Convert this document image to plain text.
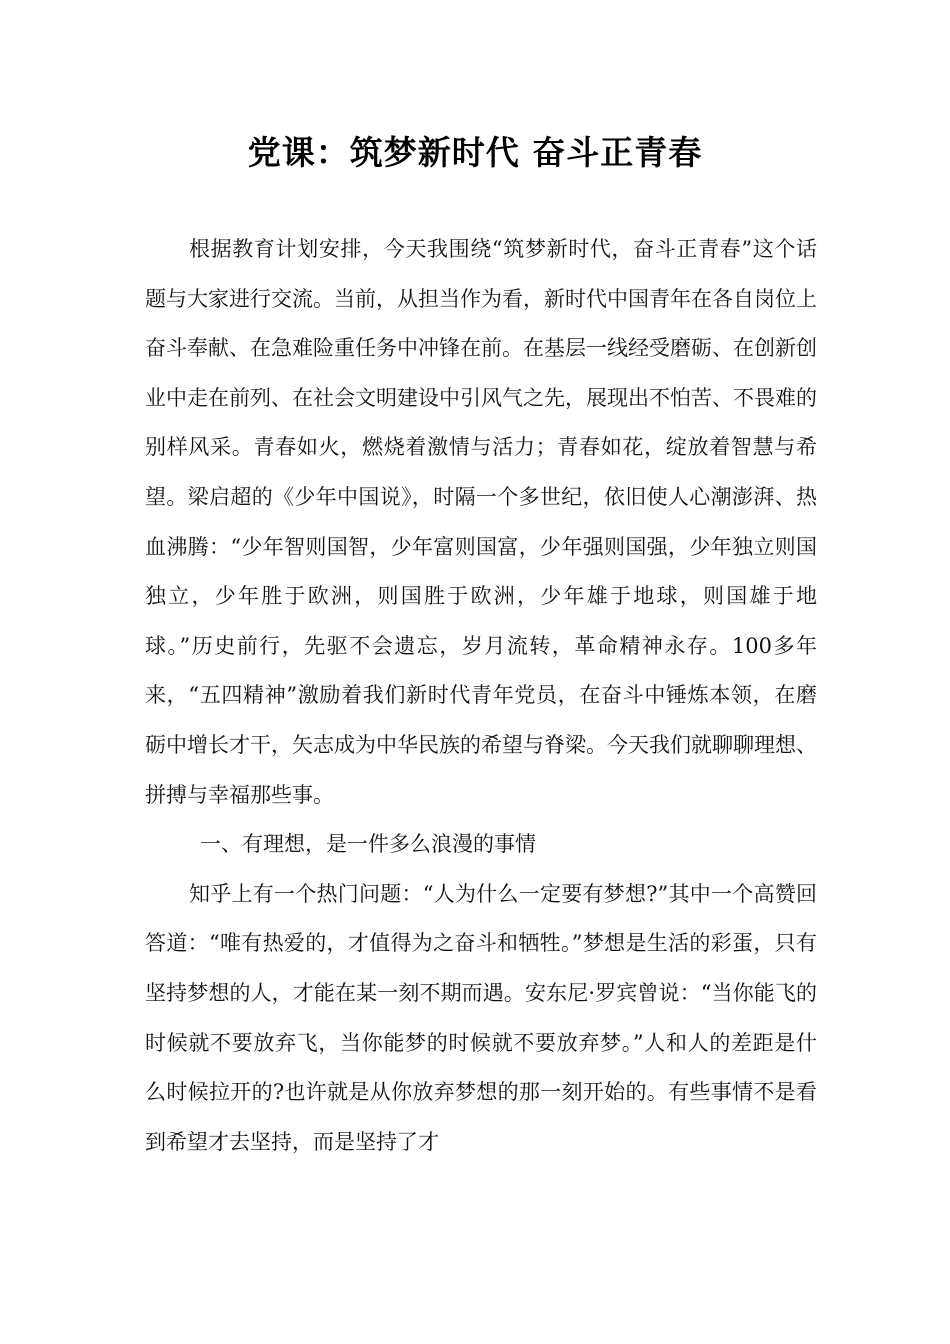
党课：筑梦新时代 奋斗正青春

根据教育计划安排，今天我围绕“筑梦新时代，奋斗正青春”这个话题与大家进行交流。当前，从担当作为看，新时代中国青年在各自岗位上奋斗奉献、在急难险重任务中冲锋在前。在基层一线经受磨砺、在创新创业中走在前列、在社会文明建设中引风气之先，展现出不怕苦、不畏难的别样风采。青春如火，燃烧着激情与活力；青春如花，绽放着智慧与希望。梁启超的《少年中国说》，时隔一个多世纪，依旧使人心潮澎湃、热血沸腾：“少年智则国智，少年富则国富，少年强则国强，少年独立则国独立，少年胜于欧洲，则国胜于欧洲，少年雄于地球，则国雄于地球。”历史前行，先驱不会遗忘，岁月流转，革命精神永存。100多年来，“五四精神”激励着我们新时代青年党员，在奋斗中锤炼本领，在磨砺中增长才干，矢志成为中华民族的希望与脊梁。今天我们就聊聊理想、拼搏与幸福那些事。

一、有理想，是一件多么浪漫的事情

知乎上有一个热门问题：“人为什么一定要有梦想?”其中一个高赞回答道：“唯有热爱的，才值得为之奋斗和牺牲。”梦想是生活的彩蛋，只有坚持梦想的人，才能在某一刻不期而遇。安东尼·罗宾曾说：“当你能飞的时候就不要放弃飞，当你能梦的时候就不要放弃梦。”人和人的差距是什么时候拉开的?也许就是从你放弃梦想的那一刻开始的。有些事情不是看到希望才去坚持，而是坚持了才
